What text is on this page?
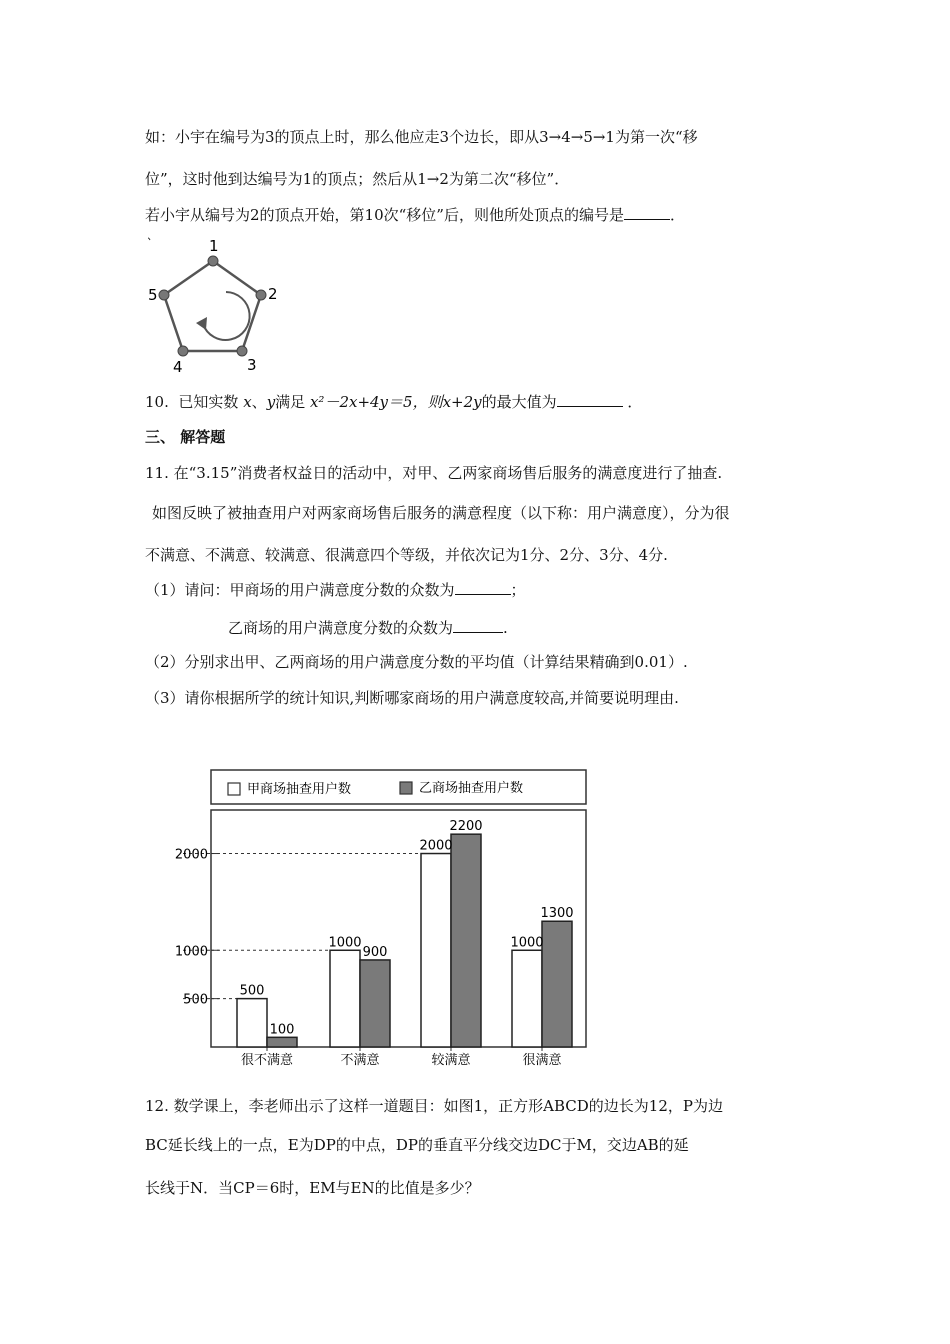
如：小宇在编号为3的顶点上时，那么他应走3个边长，即从3→4→5→1为第一次“移
位”，这时他到达编号为1的顶点；然后从1→2为第二次“移位”．
若小宇从编号为2的顶点开始，第10次“移位”后，则他所处顶点的编号是	．
1
2
3
4
5
10. 已知实数 x、y满足 x²－2x+4y＝5，则x+2y的最大值为	．
三、 解答题
11. 在“3.15”消费者权益日的活动中，对甲、乙两家商场售后服务的满意度进行了抽查.
如图反映了被抽查用户对两家商场售后服务的满意程度（以下称：用户满意度），分为很
不满意、不满意、较满意、很满意四个等级，并依次记为1分、2分、3分、4分.
（1）请问：甲商场的用户满意度分数的众数为	；
乙商场的用户满意度分数的众数为	.
（2）分别求出甲、乙两商场的用户满意度分数的平均值（计算结果精确到0.01）.
（3）请你根据所学的统计知识,判断哪家商场的用户满意度较高,并简要说明理由.
甲商场抽查用户数	乙商场抽查用户数
500
1000
2000
500
100
很不满意
1000
900
不满意
2000
2200
较满意
1000
1300
很满意
12. 数学课上，李老师出示了这样一道题目：如图1，正方形ABCD的边长为12，P为边
BC延长线上的一点，E为DP的中点，DP的垂直平分线交边DC于M，交边AB的延
长线于N．当CP＝6时，EM与EN的比值是多少？
